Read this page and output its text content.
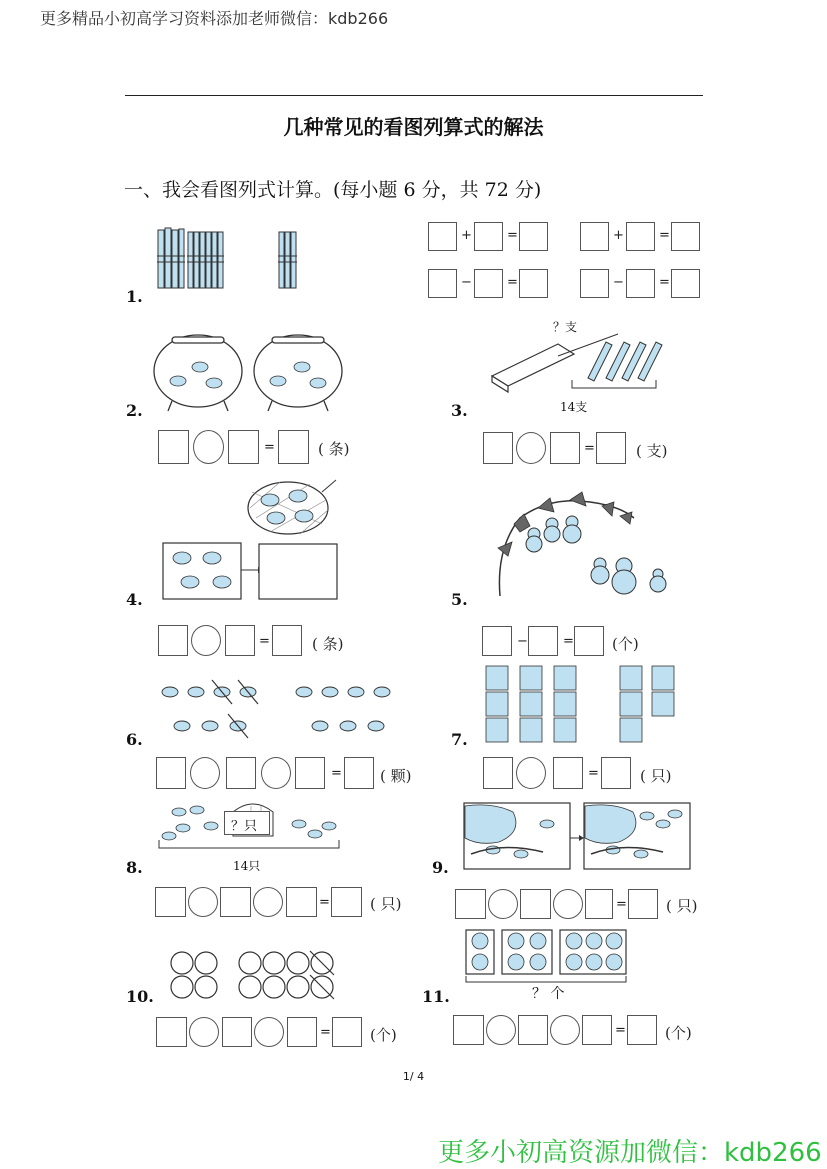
更多精品小初高学习资料添加老师微信：kdb266
几种常见的看图列算式的解法
一、我会看图列式计算。(每小题 6 分，共 72 分)
1.
+	=	+	=
−	=	−	=
2.
=	( 条)
3.
？支
14支
=	( 支)
4.
=	( 条)
5.
−	=	(个)
6.
=	( 颗)
7.
=	( 只)
8.
？只
14只
=	( 只)
9.
=	( 只)
10.
=	(个)
11.	？ 个
=	(个)
1/ 4
更多小初高资源加微信：kdb266
